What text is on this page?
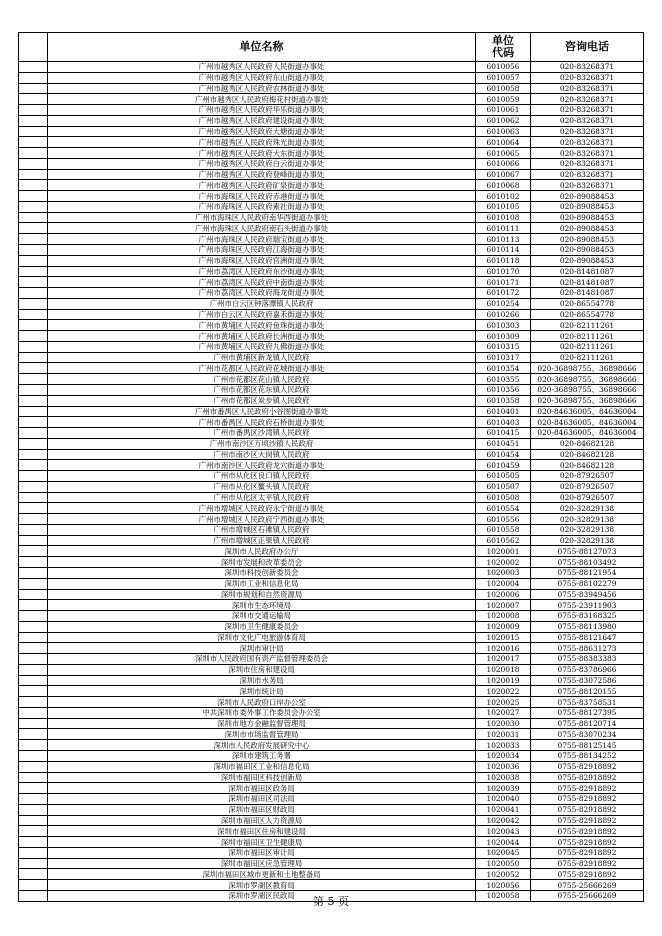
	单位名称	单位
代码	咨询电话
	广州市越秀区人民政府人民街道办事处	6010056	020-83268371
	广州市越秀区人民政府东山街道办事处	6010057	020-83268371
	广州市越秀区人民政府农林街道办事处	6010058	020-83268371
	广州市越秀区人民政府梅花村街道办事处	6010059	020-83268371
	广州市越秀区人民政府华乐街道办事处	6010061	020-83268371
	广州市越秀区人民政府建设街道办事处	6010062	020-83268371
	广州市越秀区人民政府大塘街道办事处	6010063	020-83268371
	广州市越秀区人民政府珠光街道办事处	6010064	020-83268371
	广州市越秀区人民政府大东街道办事处	6010065	020-83268371
	广州市越秀区人民政府白云街道办事处	6010066	020-83268371
	广州市越秀区人民政府登峰街道办事处	6010067	020-83268371
	广州市越秀区人民政府矿泉街道办事处	6010068	020-83268371
	广州市海珠区人民政府赤港街道办事处	6010102	020-89088453
	广州市海珠区人民政府素社街道办事处	6010105	020-89088453
	广州市海珠区人民政府南华西街道办事处	6010108	020-89088453
	广州市海珠区人民政府南石头街道办事处	6010111	020-89088453
	广州市海珠区人民政府瑞宝街道办事处	6010113	020-89088453
	广州市海珠区人民政府江海街道办事处	6010114	020-89088453
	广州市海珠区人民政府官洲街道办事处	6010118	020-89088453
	广州市荔湾区人民政府东沙街道办事处	6010170	020-81481087
	广州市荔湾区人民政府中南街道办事处	6010171	020-81481087
	广州市荔湾区人民政府海龙街道办事处	6010172	020-81481087
	广州市白云区钟落潭镇人民政府	6010254	020-86554778
	广州市白云区人民政府嘉禾街道办事处	6010266	020-86554778
	广州市黄埔区人民政府鱼珠街道办事处	6010303	020-82111261
	广州市黄埔区人民政府长洲街道办事处	6010309	020-82111261
	广州市黄埔区人民政府九佛街道办事处	6010315	020-82111261
	广州市黄埔区新龙镇人民政府	6010317	020-82111261
	广州市花都区人民政府花城街道办事处	6010354	020-36898755、36898666
	广州市花都区花山镇人民政府	6010355	020-36898755、36898666
	广州市花都区花东镇人民政府	6010356	020-36898755、36898666
	广州市花都区炭步镇人民政府	6010358	020-36898755、36898666
	广州市番禺区人民政府小谷围街道办事处	6010401	020-84636005、84636004
	广州市番禺区人民政府石桥街道办事处	6010403	020-84636005、84636004
	广州市番禺区沙湾镇人民政府	6010415	020-84636005、84636004
	广州市南沙区万顷沙镇人民政府	6010451	020-84682128
	广州市南沙区大岗镇人民政府	6010454	020-84682128
	广州市南沙区人民政府龙穴街道办事处	6010459	020-84682128
	广州市从化区良口镇人民政府	6010505	020-87926507
	广州市从化区鳌头镇人民政府	6010507	020-87926507
	广州市从化区太平镇人民政府	6010508	020-87926507
	广州市增城区人民政府永宁街道办事处	6010554	020-32829138
	广州市增城区人民政府宁西街道办事处	6010556	020-32829138
	广州市增城区石滩镇人民政府	6010558	020-32829138
	广州市增城区正果镇人民政府	6010562	020-32829138
	深圳市人民政府办公厅	1020001	0755-88127073
	深圳市发展和改革委员会	1020002	0755-88103492
	深圳市科技创新委员会	1020003	0755-88121954
	深圳市工业和信息化局	1020004	0755-88102279
	深圳市规划和自然资源局	1020006	0755-83949456
	深圳市生态环境局	1020007	0755-23911903
	深圳市交通运输局	1020008	0755-83168325
	深圳市卫生健康委员会	1020009	0755-88113980
	深圳市文化广电旅游体育局	1020015	0755-88121647
	深圳市审计局	1020016	0755-88631273
	深圳市人民政府国有资产监督管理委员会	1020017	0755-88383383
	深圳市住房和建设局	1020018	0755-83786966
	深圳市水务局	1020019	0755-83072586
	深圳市统计局	1020022	0755-88120155
	深圳市人民政府口岸办公室	1020025	0755-83758531
	中共深圳市委外事工作委员会办公室	1020027	0755-88127395
	深圳市地方金融监督管理局	1020030	0755-88120714
	深圳市市场监督管理局	1020031	0755-83070234
	深圳市人民政府发展研究中心	1020033	0755-88125145
	深圳市建筑工务署	1020034	0755-88134252
	深圳市福田区工业和信息化局	1020036	0755-82918892
	深圳市福田区科技创新局	1020038	0755-82918892
	深圳市福田区政务局	1020039	0755-82918892
	深圳市福田区司法局	1020040	0755-82918892
	深圳市福田区财政局	1020041	0755-82918892
	深圳市福田区人力资源局	1020042	0755-82918892
	深圳市福田区住房和建设局	1020043	0755-82918892
	深圳市福田区卫生健康局	1020044	0755-82918892
	深圳市福田区审计局	1020045	0755-82918892
	深圳市福田区应急管理局	1020050	0755-82918892
	深圳市福田区城市更新和土地整备局	1020052	0755-82918892
	深圳市罗湖区教育局	1020056	0755-25666269
	深圳市罗湖区民政局	1020058	0755-25666269
第 5 页
